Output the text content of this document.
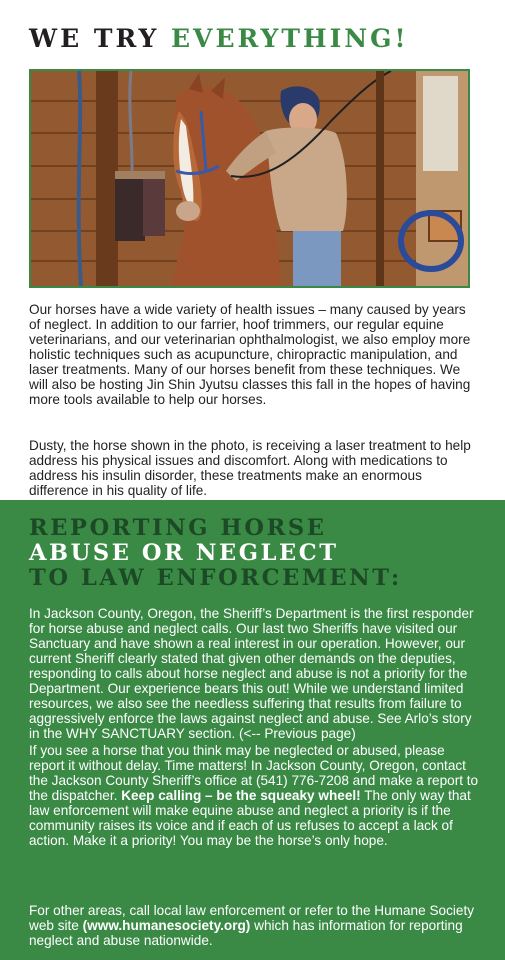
WE TRY EVERYTHING!

Our horses have a wide variety of health issues – many caused by years of neglect. In addition to our farrier, hoof trimmers, our regular equine veterinarians, and our veterinarian ophthalmologist, we also employ more holistic techniques such as acupuncture, chiropractic manipulation, and laser treatments. Many of our horses benefit from these techniques. We will also be hosting Jin Shin Jyutsu classes this fall in the hopes of having more tools available to help our horses.

Dusty, the horse shown in the photo, is receiving a laser treatment to help address his physical issues and discomfort. Along with medications to address his insulin disorder, these treatments make an enormous difference in his quality of life.

REPORTING HORSE
ABUSE OR NEGLECT
TO LAW ENFORCEMENT:

In Jackson County, Oregon, the Sheriff’s Department is the first responder for horse abuse and neglect calls. Our last two Sheriffs have visited our Sanctuary and have shown a real interest in our operation. However, our current Sheriff clearly stated that given other demands on the deputies, responding to calls about horse neglect and abuse is not a priority for the Department. Our experience bears this out! While we understand limited resources, we also see the needless suffering that results from failure to aggressively enforce the laws against neglect and abuse. See Arlo’s story in the WHY SANCTUARY section. (<-- Previous page)

If you see a horse that you think may be neglected or abused, please report it without delay. Time matters! In Jackson County, Oregon, contact the Jackson County Sheriff’s office at (541) 776-7208 and make a report to the dispatcher. Keep calling – be the squeaky wheel! The only way that law enforcement will make equine abuse and neglect a priority is if the community raises its voice and if each of us refuses to accept a lack of action. Make it a priority! You may be the horse’s only hope.

For other areas, call local law enforcement or refer to the Humane Society web site (www.humanesociety.org) which has information for reporting neglect and abuse nationwide.
